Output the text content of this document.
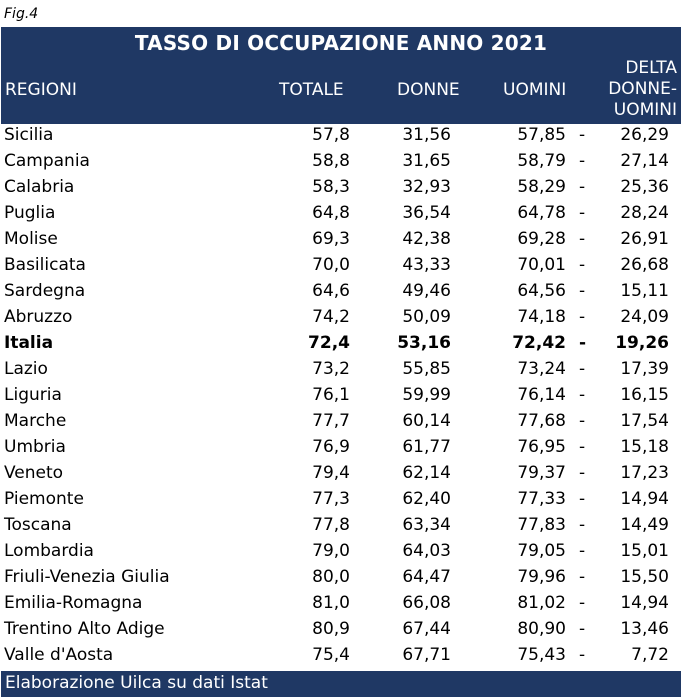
Fig.4
TASSO DI OCCUPAZIONE ANNO 2021
REGIONI	TOTALE	DONNE	UOMINI
DELTA
DONNE-
UOMINI
Sicilia	57,8	31,56	57,85 - 26,29
Campania	58,8	31,65	58,79 - 27,14
Calabria	58,3	32,93	58,29 - 25,36
Puglia	64,8	36,54	64,78 - 28,24
Molise	69,3	42,38	69,28 - 26,91
Basilicata	70,0	43,33	70,01 - 26,68
Sardegna	64,6	49,46	64,56 - 15,11
Abruzzo	74,2	50,09	74,18 - 24,09
Italia	72,4	53,16	72,42 - 19,26
Lazio	73,2	55,85	73,24 - 17,39
Liguria	76,1	59,99	76,14 - 16,15
Marche	77,7	60,14	77,68 - 17,54
Umbria	76,9	61,77	76,95 - 15,18
Veneto	79,4	62,14	79,37 - 17,23
Piemonte	77,3	62,40	77,33 - 14,94
Toscana	77,8	63,34	77,83 - 14,49
Lombardia	79,0	64,03	79,05 - 15,01
Friuli-Venezia Giulia	80,0	64,47	79,96 - 15,50
Emilia-Romagna	81,0	66,08	81,02 - 14,94
Trentino Alto Adige	80,9	67,44	80,90 - 13,46
Valle d'Aosta	75,4	67,71	75,43 -	7,72
Elaborazione Uilca su dati Istat
